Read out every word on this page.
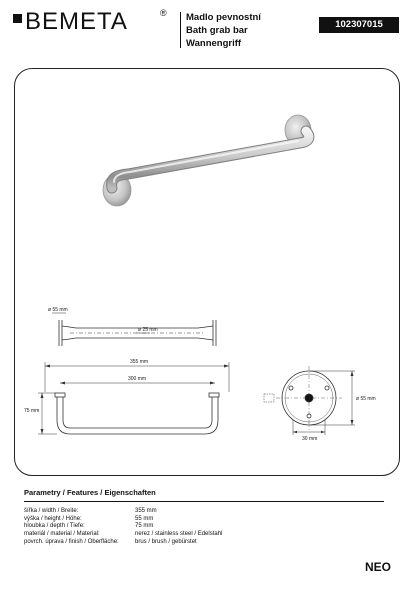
BEMETA	® Madlo pevnostní
Bath grab bar
Wannengriff
102307015
ø 55 mm
ø 25 mm
355 mm
300 mm
75 mm
ø 55 mm
30 mm
Parametry / Features / Eigenschaften
šířka / width / Breite:	355 mm
výška / height / Höhe:	55 mm
hloubka / depth / Tiefe:	75 mm
materiál / material / Material:	nerez / stainless steel / Edelstahl
povrch. úprava / finish / Oberfläche:	brus / brush / gebürstet
NEO
